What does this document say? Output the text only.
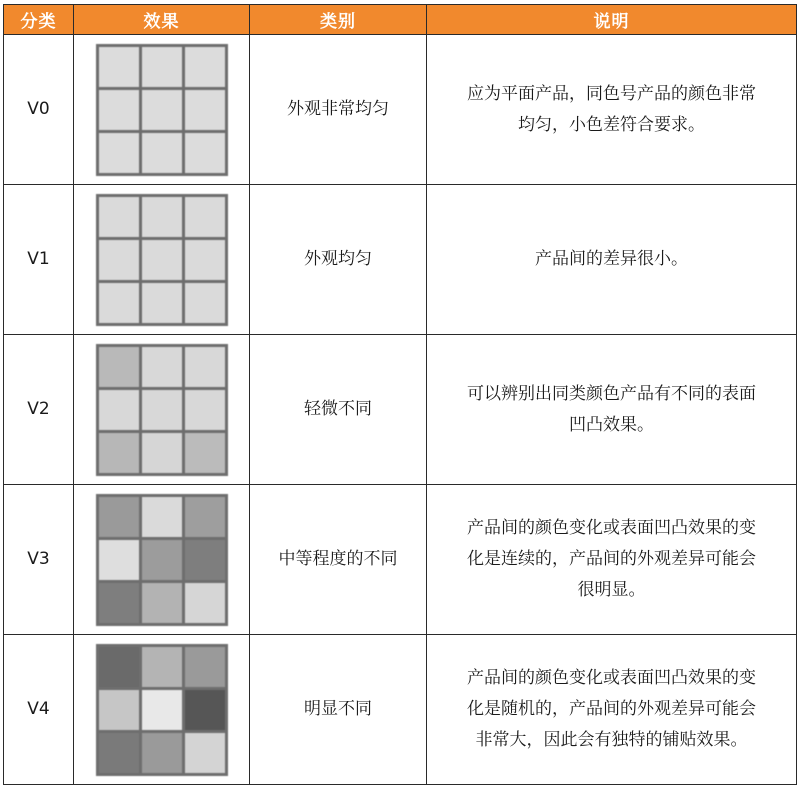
分类	效果	类别	说明
V0		外观非常均匀	应为平面产品，同色号产品的颜色非常
均匀，小色差符合要求。

V1		外观均匀	产品间的差异很小。

V2		轻微不同	可以辨别出同类颜色产品有不同的表面
凹凸效果。

V3		中等程度的不同	产品间的颜色变化或表面凹凸效果的变
化是连续的，产品间的外观差异可能会
很明显。

V4		明显不同	产品间的颜色变化或表面凹凸效果的变
化是随机的，产品间的外观差异可能会
非常大，因此会有独特的铺贴效果。
